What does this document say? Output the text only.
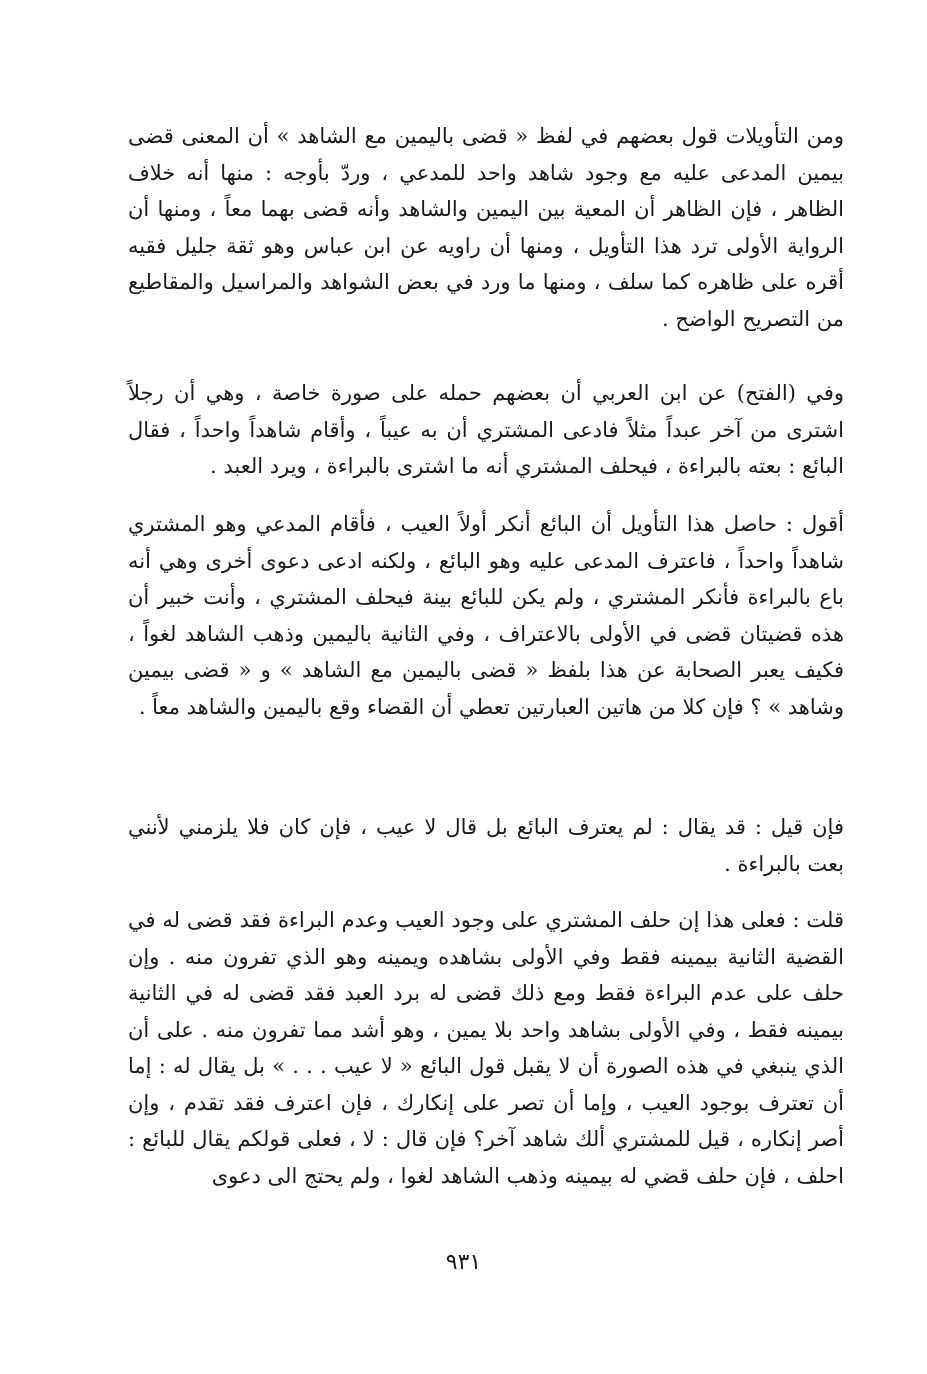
ومن التأويلات قول بعضهم في لفظ « قضى باليمين مع الشاهد » أن المعنى قضى بيمين المدعى عليه مع وجود شاهد واحد للمدعي ، وردّ بأوجه : منها أنه خلاف الظاهر ، فإن الظاهر أن المعية بين اليمين والشاهد وأنه قضى بهما معاً ، ومنها أن الرواية الأولى ترد هذا التأويل ، ومنها أن راويه عن ابن عباس وهو ثقة جليل فقيه أقره على ظاهره كما سلف ، ومنها ما ورد في بعض الشواهد والمراسيل والمقاطيع من التصريح الواضح .

وفي (الفتح) عن ابن العربي أن بعضهم حمله على صورة خاصة ، وهي أن رجلاً اشترى من آخر عبداً مثلاً فادعى المشتري أن به عيباً ، وأقام شاهداً واحداً ، فقال البائع : بعته بالبراءة ، فيحلف المشتري أنه ما اشترى بالبراءة ، ويرد العبد .

أقول : حاصل هذا التأويل أن البائع أنكر أولاً العيب ، فأقام المدعي وهو المشتري شاهداً واحداً ، فاعترف المدعى عليه وهو البائع ، ولكنه ادعى دعوى أخرى وهي أنه باع بالبراءة فأنكر المشتري ، ولم يكن للبائع بينة فيحلف المشتري ، وأنت خبير أن هذه قضيتان قضى في الأولى بالاعتراف ، وفي الثانية باليمين وذهب الشاهد لغواً ، فكيف يعبر الصحابة عن هذا بلفظ « قضى باليمين مع الشاهد » و « قضى بيمين وشاهد » ؟ فإن كلا من هاتين العبارتين تعطي أن القضاء وقع باليمين والشاهد معاً .

فإن قيل : قد يقال : لم يعترف البائع بل قال لا عيب ، فإن كان فلا يلزمني لأنني بعت بالبراءة .

قلت : فعلى هذا إن حلف المشتري على وجود العيب وعدم البراءة فقد قضى له في القضية الثانية بيمينه فقط وفي الأولى بشاهده ويمينه وهو الذي تفرون منه . وإن حلف على عدم البراءة فقط ومع ذلك قضى له برد العبد فقد قضى له في الثانية بيمينه فقط ، وفي الأولى بشاهد واحد بلا يمين ، وهو أشد مما تفرون منه . على أن الذي ينبغي في هذه الصورة أن لا يقبل قول البائع « لا عيب . . . » بل يقال له : إما أن تعترف بوجود العيب ، وإما أن تصر على إنكارك ، فإن اعترف فقد تقدم ، وإن أصر إنكاره ، قيل للمشتري ألك شاهد آخر؟ فإن قال : لا ، فعلى قولكم يقال للبائع : احلف ، فإن حلف قضي له بيمينه وذهب الشاهد لغوا ، ولم يحتج الى دعوى

٩٣١
